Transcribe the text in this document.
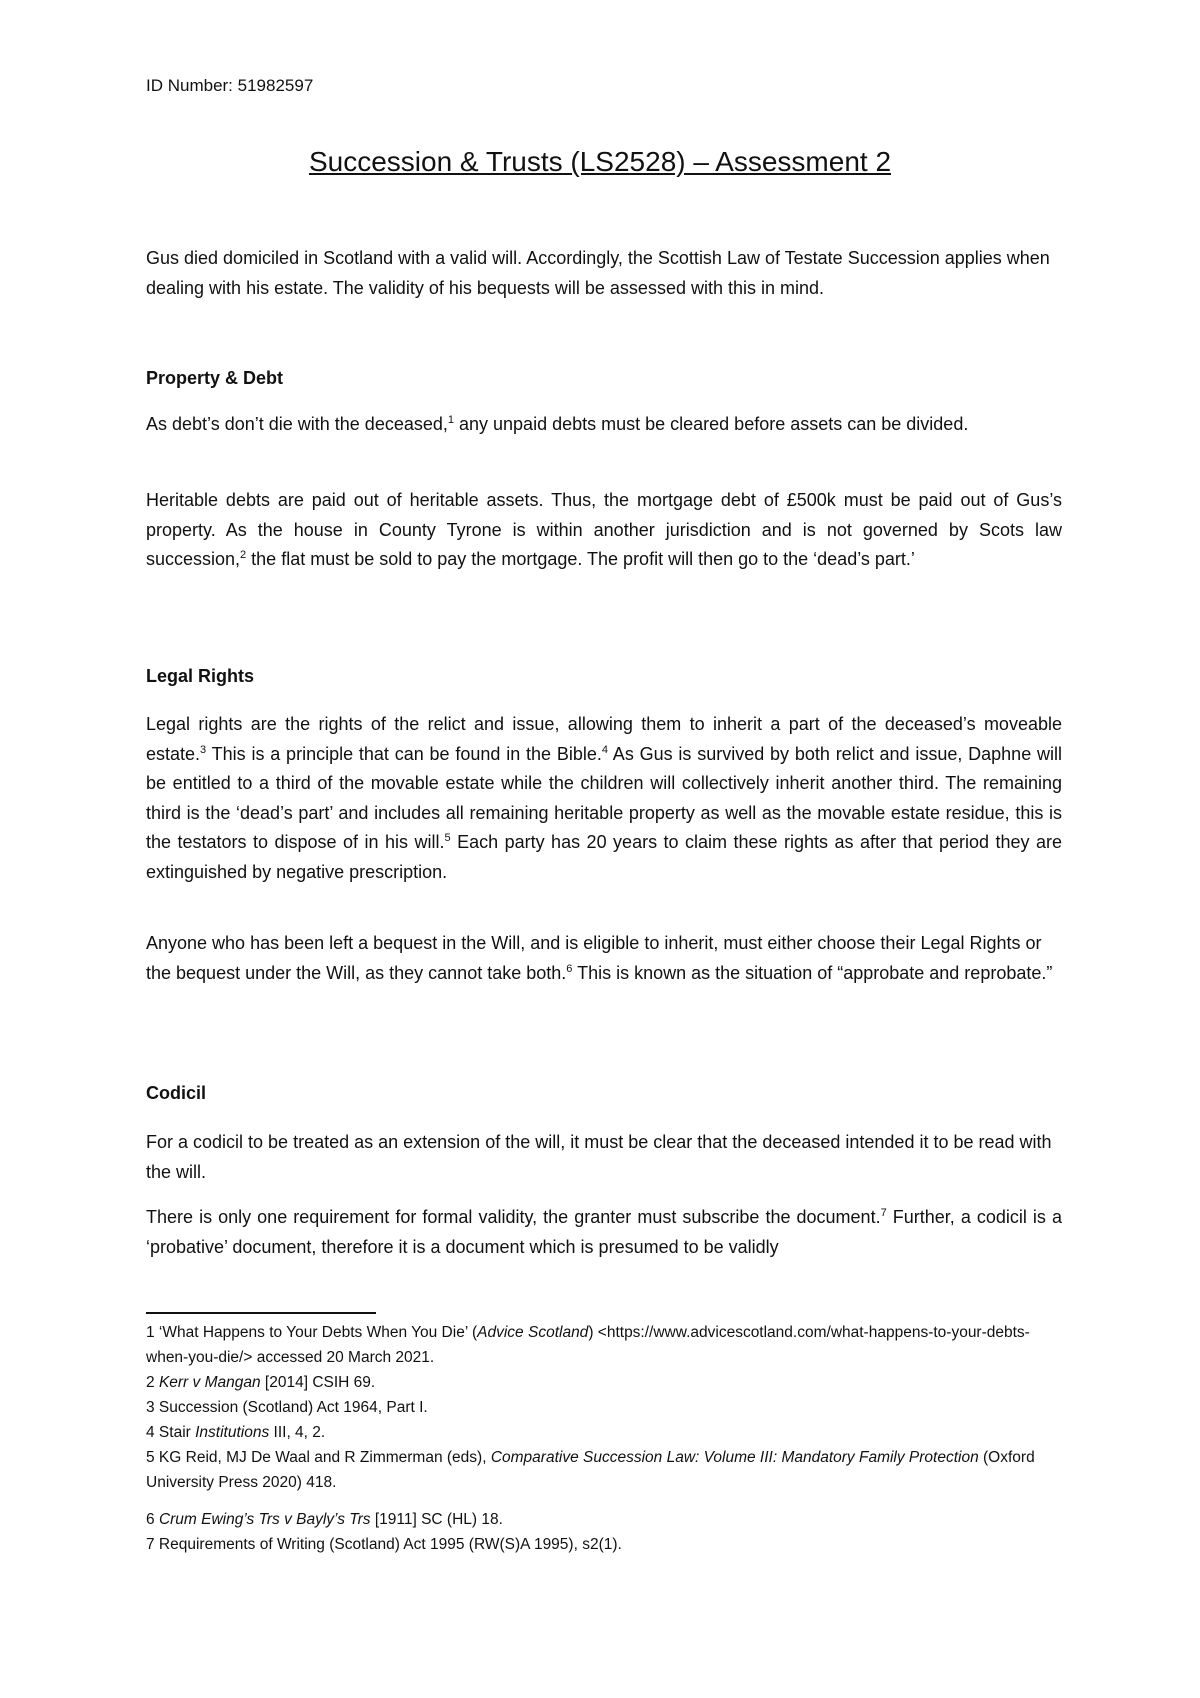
ID Number: 51982597
Succession & Trusts (LS2528) – Assessment 2

Gus died domiciled in Scotland with a valid will. Accordingly, the Scottish Law of Testate Succession applies when dealing with his estate. The validity of his bequests will be assessed with this in mind.

Property & Debt

As debt’s don’t die with the deceased,$^1$ any unpaid debts must be cleared before assets can be divided.

Heritable debts are paid out of heritable assets. Thus, the mortgage debt of £500k must be paid out of Gus’s property. As the house in County Tyrone is within another jurisdiction and is not governed by Scots law succession,$^2$ the flat must be sold to pay the mortgage. The profit will then go to the ‘dead’s part.’

Legal Rights

Legal rights are the rights of the relict and issue, allowing them to inherit a part of the deceased’s moveable estate.$^3$ This is a principle that can be found in the Bible.$^4$ As Gus is survived by both relict and issue, Daphne will be entitled to a third of the movable estate while the children will collectively inherit another third. The remaining third is the ‘dead’s part’ and includes all remaining heritable property as well as the movable estate residue, this is the testators to dispose of in his will.$^5$ Each party has 20 years to claim these rights as after that period they are extinguished by negative prescription.

Anyone who has been left a bequest in the Will, and is eligible to inherit, must either choose their Legal Rights or the bequest under the Will, as they cannot take both.$^6$ This is known as the situation of “approbate and reprobate.”

Codicil

For a codicil to be treated as an extension of the will, it must be clear that the deceased intended it to be read with the will.

There is only one requirement for formal validity, the granter must subscribe the document.$^7$ Further, a codicil is a ‘probative’ document, therefore it is a document which is presumed to be validly

1 ‘What Happens to Your Debts When You Die’ (Advice Scotland) <https://www.advicescotland.com/what-happens-to-your-debts-when-you-die/> accessed 20 March 2021.

2 Kerr v Mangan [2014] CSIH 69.

3 Succession (Scotland) Act 1964, Part I.

4 Stair Institutions III, 4, 2.

5 KG Reid, MJ De Waal and R Zimmerman (eds), Comparative Succession Law: Volume III: Mandatory Family Protection (Oxford University Press 2020) 418.

6 Crum Ewing’s Trs v Bayly’s Trs [1911] SC (HL) 18.

7 Requirements of Writing (Scotland) Act 1995 (RW(S)A 1995), s2(1).
